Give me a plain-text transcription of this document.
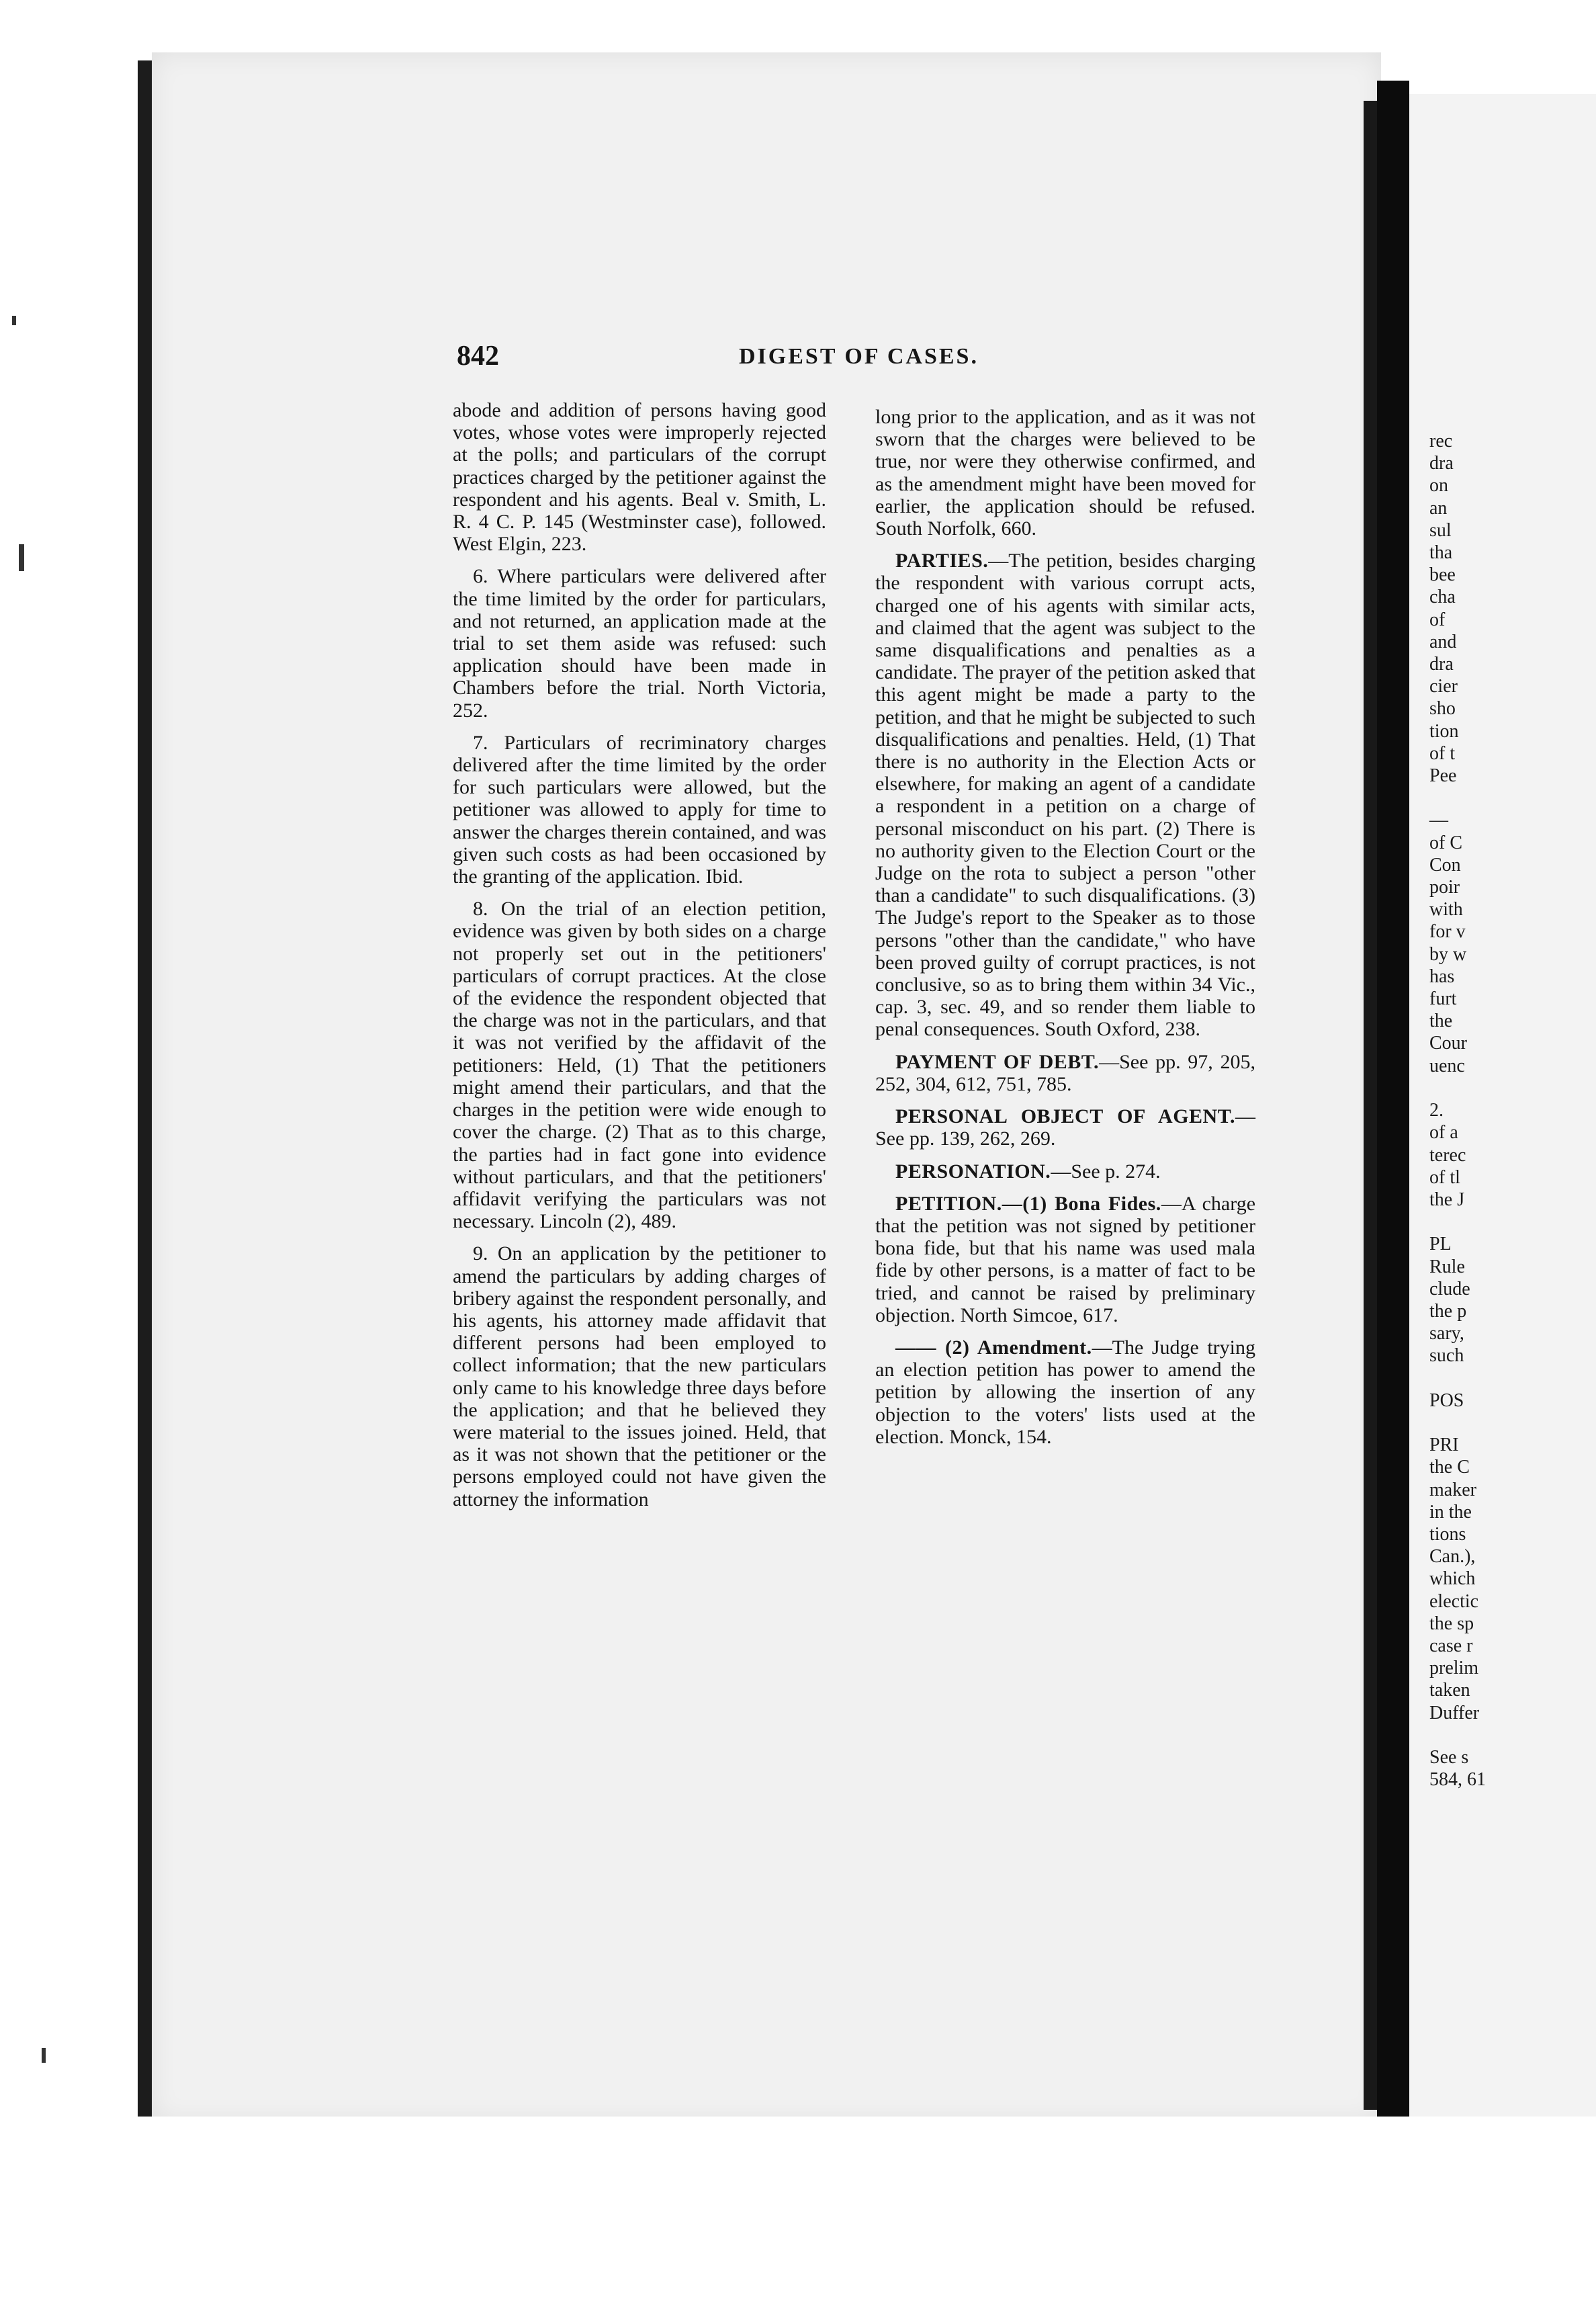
842	DIGEST OF CASES.

abode and addition of persons having good votes, whose votes were improperly rejected at the polls; and particulars of the corrupt practices charged by the petitioner against the respondent and his agents. Beal v. Smith, L. R. 4 C. P. 145 (Westminster case), followed. West Elgin, 223.

6. Where particulars were delivered after the time limited by the order for particulars, and not returned, an application made at the trial to set them aside was refused: such application should have been made in Chambers before the trial. North Victoria, 252.

7. Particulars of recriminatory charges delivered after the time limited by the order for such particulars were allowed, but the petitioner was allowed to apply for time to answer the charges therein contained, and was given such costs as had been occasioned by the granting of the application. Ibid.

8. On the trial of an election petition, evidence was given by both sides on a charge not properly set out in the petitioners' particulars of corrupt practices. At the close of the evidence the respondent objected that the charge was not in the particulars, and that it was not verified by the affidavit of the petitioners: Held, (1) That the petitioners might amend their particulars, and that the charges in the petition were wide enough to cover the charge. (2) That as to this charge, the parties had in fact gone into evidence without particulars, and that the petitioners' affidavit verifying the particulars was not necessary. Lincoln (2), 489.

9. On an application by the petitioner to amend the particulars by adding charges of bribery against the respondent personally, and his agents, his attorney made affidavit that different persons had been employed to collect information; that the new particulars only came to his knowledge three days before the application; and that he believed they were material to the issues joined. Held, that as it was not shown that the petitioner or the persons employed could not have given the attorney the information

long prior to the application, and as it was not sworn that the charges were believed to be true, nor were they otherwise confirmed, and as the amendment might have been moved for earlier, the application should be refused. South Norfolk, 660.

PARTIES.—The petition, besides charging the respondent with various corrupt acts, charged one of his agents with similar acts, and claimed that the agent was subject to the same disqualifications and penalties as a candidate. The prayer of the petition asked that this agent might be made a party to the petition, and that he might be subjected to such disqualifications and penalties. Held, (1) That there is no authority in the Election Acts or elsewhere, for making an agent of a candidate a respondent in a petition on a charge of personal misconduct on his part. (2) There is no authority given to the Election Court or the Judge on the rota to subject a person "other than a candidate" to such disqualifications. (3) The Judge's report to the Speaker as to those persons "other than the candidate," who have been proved guilty of corrupt practices, is not conclusive, so as to bring them within 34 Vic., cap. 3, sec. 49, and so render them liable to penal consequences. South Oxford, 238.

PAYMENT OF DEBT.—See pp. 97, 205, 252, 304, 612, 751, 785.

PERSONAL OBJECT OF AGENT.— See pp. 139, 262, 269.

PERSONATION.—See p. 274.

PETITION.—(1) Bona Fides.—A charge that the petition was not signed by petitioner bona fide, but that his name was used mala fide by other persons, is a matter of fact to be tried, and cannot be raised by preliminary objection. North Simcoe, 617.

—— (2) Amendment.—The Judge trying an election petition has power to amend the petition by allowing the insertion of any objection to the voters' lists used at the election. Monck, 154.

rec
dra
on
an
sul
tha
bee
cha
of
and
dra
cier
sho
tion
of t
Pee

—
of C
Con
poir
with
for v
by w
has
furt
the
Cour
uenc

2.
of a
terec
of tl
the J

PL
Rule
clude
the p
sary,
such

POS

PRI
the C
maker
in the
tions
Can.),
which
electic
the sp
case r
prelim
taken
Duffer

See s
584, 61
